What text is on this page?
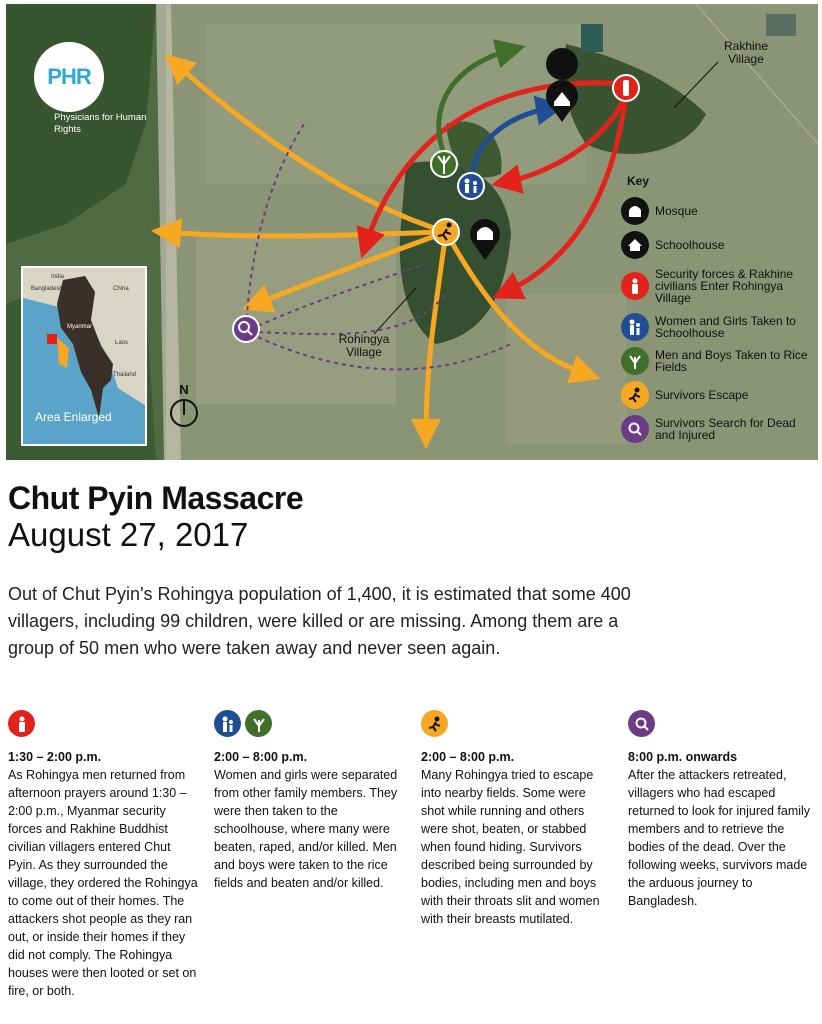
PHR
Physicians for Human Rights
Rakhine Village
Rohingya Village
India
Bangladesh	China
Myanmar
Laos
Thailand
Area Enlarged
N
Key
Mosque
Schoolhouse
Security forces & Rakhine civilians Enter Rohingya Village
Women and Girls Taken to Schoolhouse
Men and Boys Taken to Rice Fields
Survivors Escape
Survivors Search for Dead and Injured
Chut Pyin Massacre
August 27, 2017
Out of Chut Pyin's Rohingya population of 1,400, it is estimated that some 400 villagers, including 99 children, were killed or are missing. Among them are a group of 50 men who were taken away and never seen again.
1:30 – 2:00 p.m.
As Rohingya men returned from afternoon prayers around 1:30 – 2:00 p.m., Myanmar security forces and Rakhine Buddhist civilian villagers entered Chut Pyin. As they surrounded the village, they ordered the Rohingya to come out of their homes. The attackers shot people as they ran out, or inside their homes if they did not comply. The Rohingya houses were then looted or set on fire, or both.
2:00 – 8:00 p.m.
Women and girls were separated from other family members. They were then taken to the schoolhouse, where many were beaten, raped, and/or killed. Men and boys were taken to the rice fields and beaten and/or killed.
2:00 – 8:00 p.m.
Many Rohingya tried to escape into nearby fields. Some were shot while running and others were shot, beaten, or stabbed when found hiding. Survivors described being surrounded by bodies, including men and boys with their throats slit and women with their breasts mutilated.
8:00 p.m. onwards
After the attackers retreated, villagers who had escaped returned to look for injured family members and to retrieve the bodies of the dead. Over the following weeks, survivors made the arduous journey to Bangladesh.
